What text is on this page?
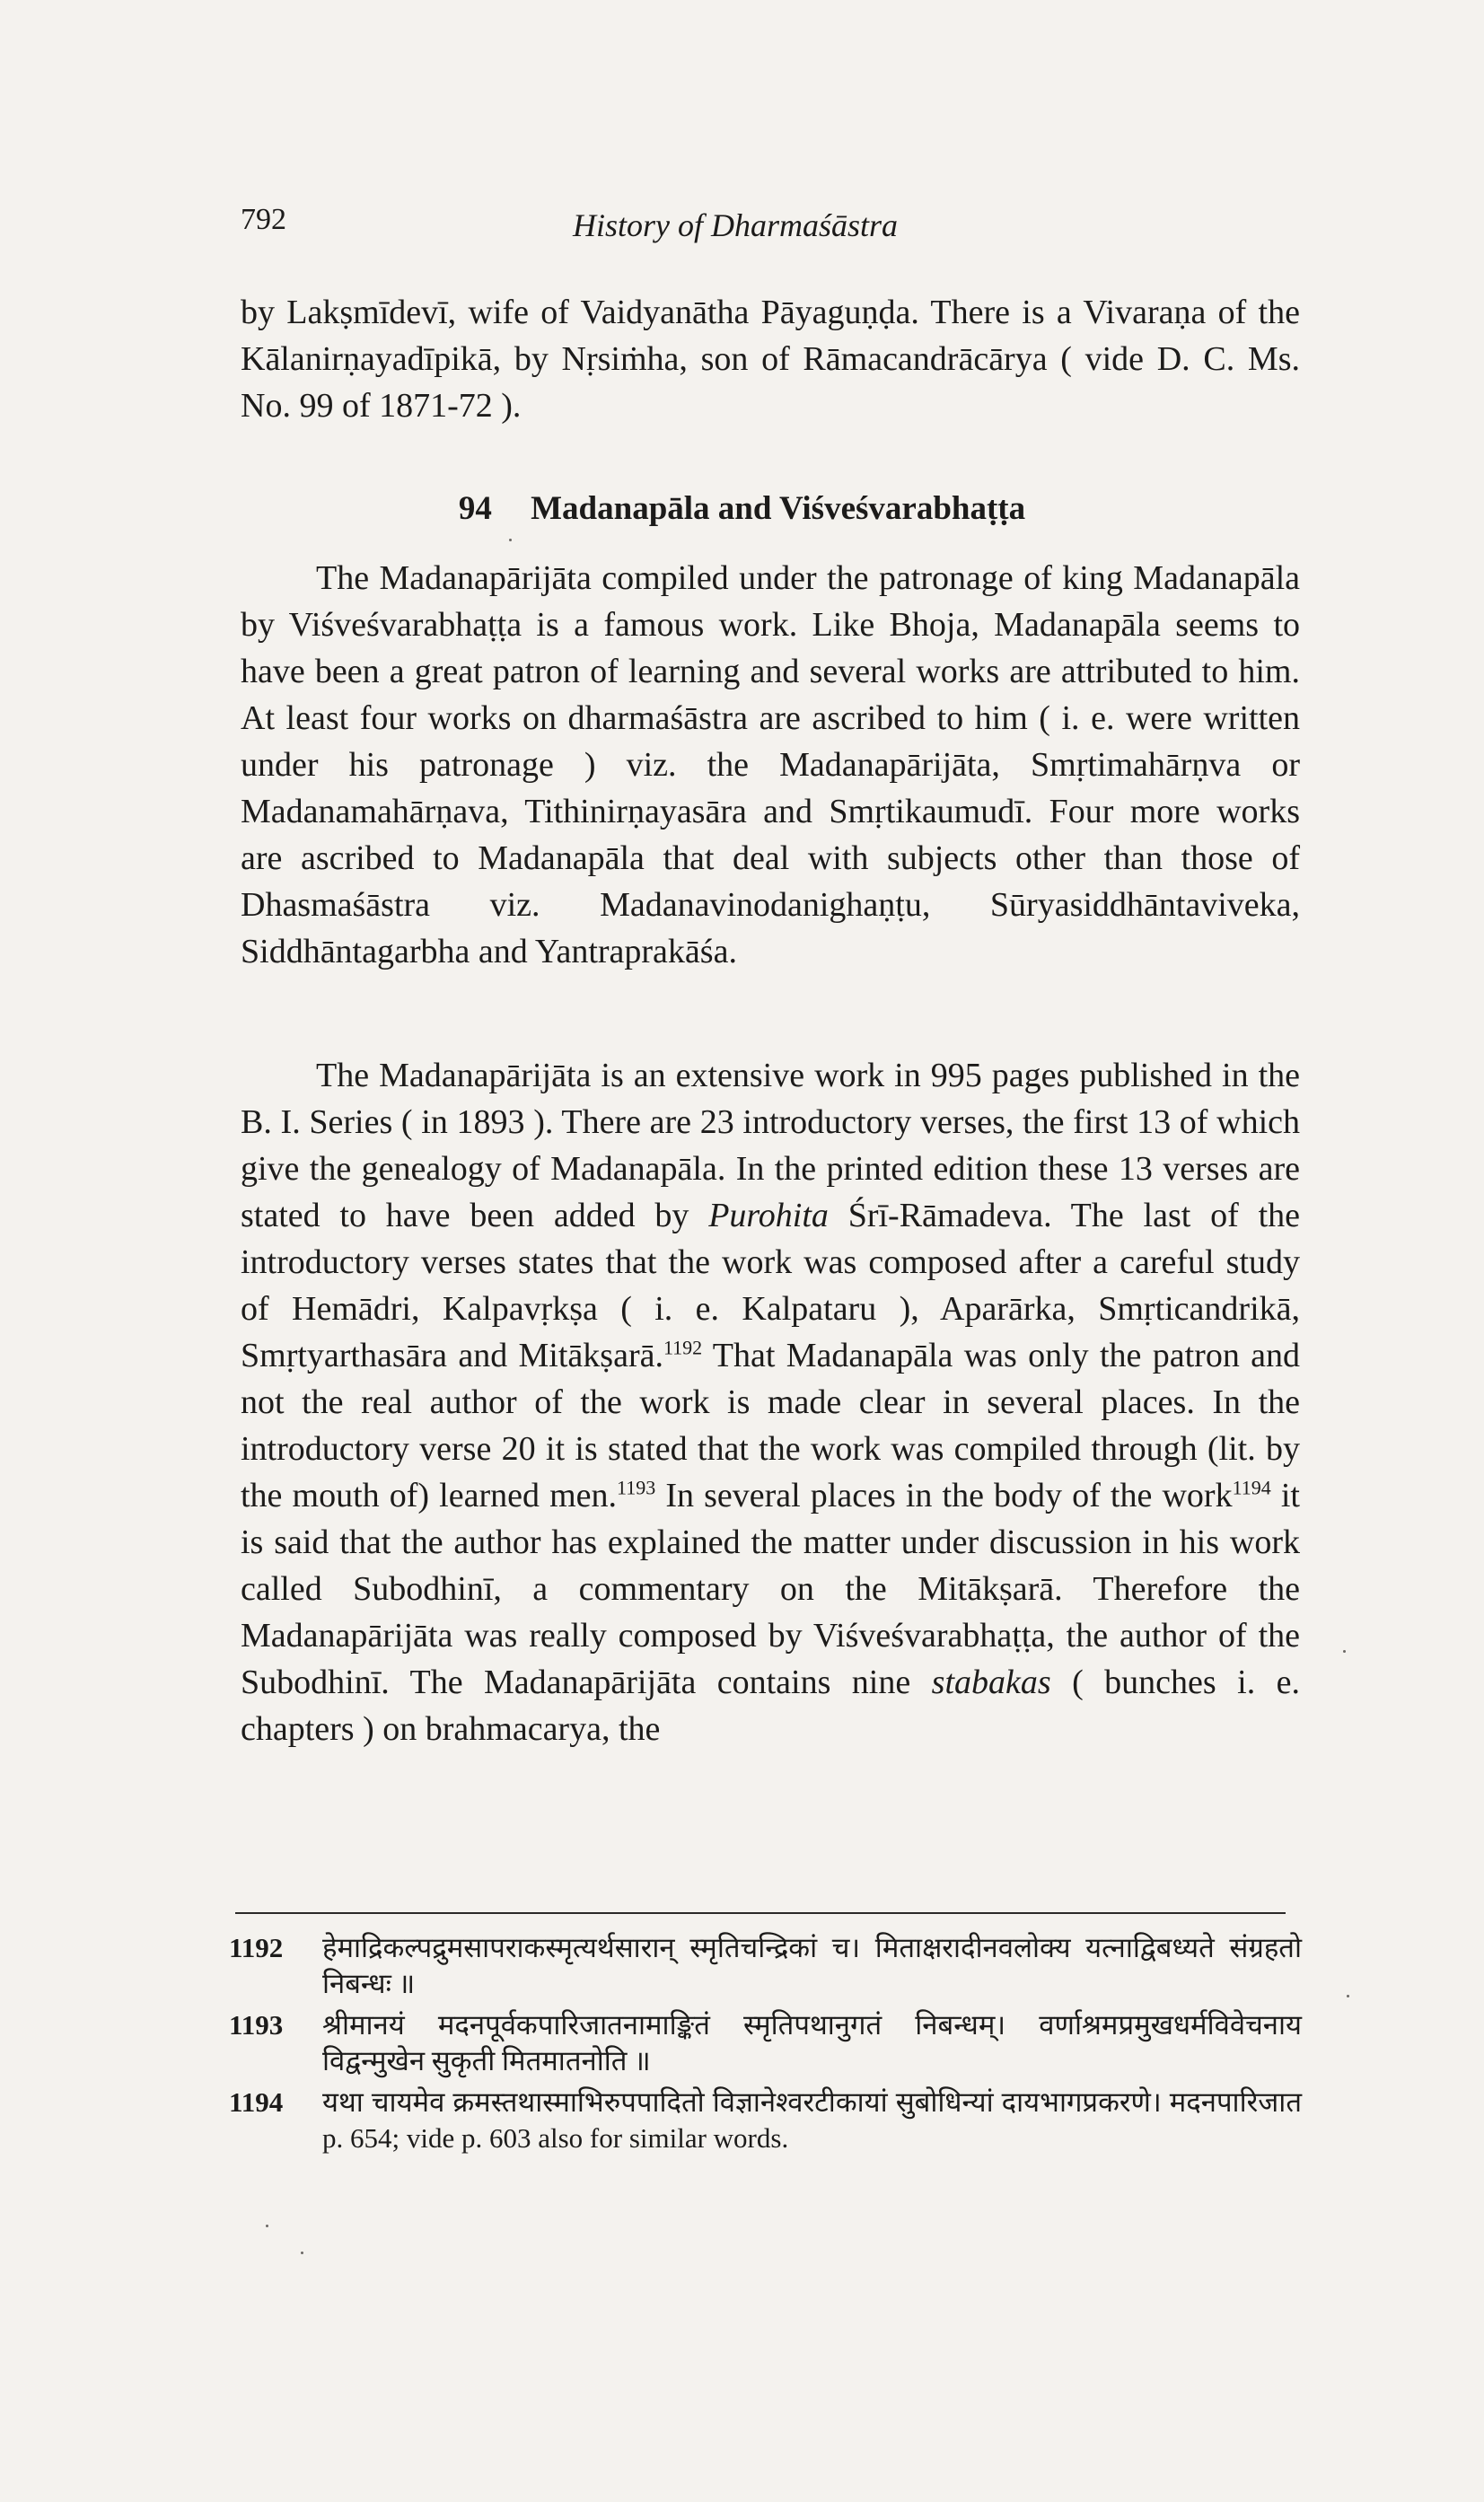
792	History of Dharmaśāstra

by Lakṣmīdevī, wife of Vaidyanātha Pāyaguṇḍa. There is a Vivaraṇa of the Kālanirṇayadīpikā, by Nṛsiṁha, son of Rāmacandrācārya ( vide D. C. Ms. No. 99 of 1871-72 ).

94 Madanapāla and Viśveśvarabhaṭṭa

The Madanapārijāta compiled under the patronage of king Madanapāla by Viśveśvarabhaṭṭa is a famous work. Like Bhoja, Madanapāla seems to have been a great patron of learning and several works are attributed to him. At least four works on dharmaśāstra are ascribed to him ( i. e. were written under his patronage ) viz. the Madanapārijāta, Smṛtimahārṇva or Madanamahārṇava, Tithinirṇayasāra and Smṛtikaumudī. Four more works are ascribed to Madanapāla that deal with subjects other than those of Dhasmaśāstra viz. Madanavinodanighaṇṭu, Sūryasiddhāntaviveka, Siddhāntagarbha and Yantraprakāśa.

The Madanapārijāta is an extensive work in 995 pages published in the B. I. Series ( in 1893 ). There are 23 introductory verses, the first 13 of which give the genealogy of Madanapāla. In the printed edition these 13 verses are stated to have been added by Purohita Śrī-Rāmadeva. The last of the introductory verses states that the work was composed after a careful study of Hemādri, Kalpavṛkṣa ( i. e. Kalpataru ), Aparārka, Smṛticandrikā, Smṛtyarthasāra and Mitākṣarā.$^{1192}$ That Madanapāla was only the patron and not the real author of the work is made clear in several places. In the introductory verse 20 it is stated that the work was compiled through (lit. by the mouth of) learned men.$^{1193}$ In several places in the body of the work$^{1194}$ it is said that the author has explained the matter under discussion in his work called Subodhinī, a commentary on the Mitākṣarā. Therefore the Madanapārijāta was really composed by Viśveśvarabhaṭṭa, the author of the Subodhinī. The Madanapārijāta contains nine stabakas ( bunches i. e. chapters ) on brahmacarya, the

1192 हेमाद्रिकल्पद्रुमसापराकस्मृत्यर्थसारान् स्मृतिचन्द्रिकां च। मिताक्षरादीनवलोक्य यत्नाद्विबध्यते संग्रहतो निबन्धः ॥
1193 श्रीमानयं मदनपूर्वकपारिजातनामाङ्कितं स्मृतिपथानुगतं निबन्धम्। वर्णाश्रमप्रमुखधर्मविवेचनाय विद्वन्मुखेन सुकृती मितमातनोति ॥
1194 यथा चायमेव क्रमस्तथास्माभिरुपपादितो विज्ञानेश्वरटीकायां सुबोधिन्यां दायभागप्रकरणे। मदनपारिजात p. 654; vide p. 603 also for similar words.
